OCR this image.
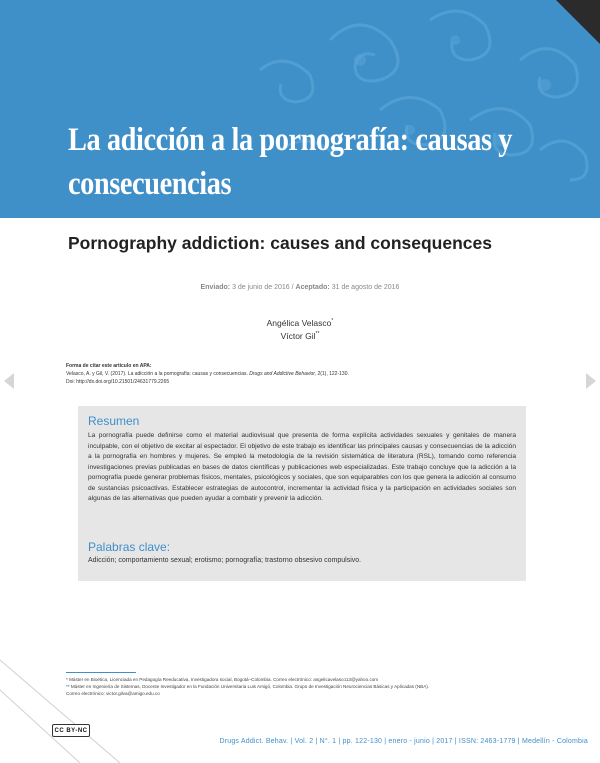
La adicción a la pornografía: causas y consecuencias
Pornography addiction: causes and consequences
Enviado: 3 de junio de 2016 / Aceptado: 31 de agosto de 2016
Angélica Velasco*
Víctor Gil**
Forma de citar este artículo en APA:
Velasco, A. y Gil, V. (2017). La adicción a la pornografía: causas y consecuencias. Drugs and Addictive Behavior, 2(1), 122-130.
Doi: http://dx.doi.org/10.21501/24631779.2265
Resumen

La pornografía puede definirse como el material audiovisual que presenta de forma explícita actividades sexuales y genitales de manera inculpable, con el objetivo de excitar al espectador. El objetivo de este trabajo es identificar las principales causas y consecuencias de la adicción a la pornografía en hombres y mujeres. Se empleó la metodología de la revisión sistemática de literatura (RSL), tomando como referencia investigaciones previas publicadas en bases de datos científicas y publicaciones web especializadas. Este trabajo concluye que la adicción a la pornografía puede generar problemas físicos, mentales, psicológicos y sociales, que son equiparables con los que genera la adicción al consumo de sustancias psicoactivas. Establecer estrategias de autocontrol, incrementar la actividad física y la participación en actividades sociales son algunas de las alternativas que pueden ayudar a combatir y prevenir la adicción.

Palabras clave:

Adicción; comportamiento sexual; erotismo; pornografía; trastorno obsesivo compulsivo.

* Máster en Bioética, Licenciada en Pedagogía Reeducativa, Investigadora social, Bogotá–Colombia. Correo electrónico: angelicavelasco13@yahoo.com
** Máster en Ingeniería de Sistemas, Docente Investigador en la Fundación Universitaria Luis Amigó, Colombia. Grupo de Investigación Neurociencias Básicas y Aplicadas (NBA).
Correo electrónico: victor.gilva@amigo.edu.co
CC BY-NC
Drugs Addict. Behav. | Vol. 2 | N°. 1 | pp. 122-130 | enero - junio | 2017 | ISSN: 2463-1779 | Medellín - Colombia
